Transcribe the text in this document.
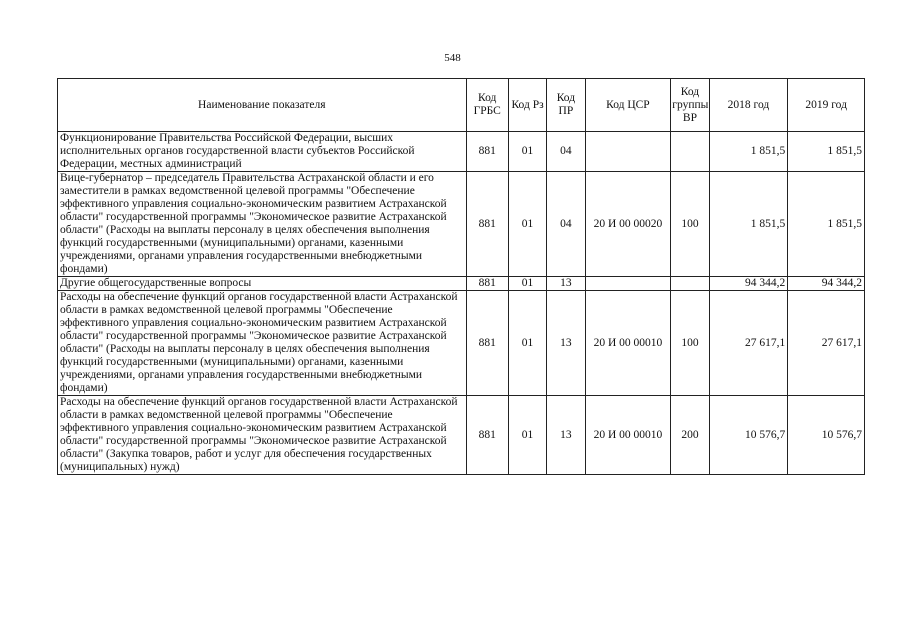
548
Наименование показателя	Код ГРБС	Код Рз	Код ПР	Код ЦСР	Код группы ВР	2018 год	2019 год
Функционирование Правительства Российской Федерации, высших исполнительных органов государственной власти субъектов Российской Федерации, местных администраций	881	01	04			1 851,5	1 851,5
Вице-губернатор – председатель Правительства Астраханской области и его заместители в рамках ведомственной целевой программы "Обеспечение эффективного управления социально-экономическим развитием Астраханской области" государственной программы "Экономическое развитие Астраханской области" (Расходы на выплаты персоналу в целях обеспечения выполнения функций государственными (муниципальными) органами, казенными учреждениями, органами управления государственными внебюджетными фондами)	881	01	04	20 И 00 00020	100	1 851,5	1 851,5
Другие общегосударственные вопросы	881	01	13			94 344,2	94 344,2
Расходы на обеспечение функций органов государственной власти Астраханской области в рамках ведомственной целевой программы "Обеспечение эффективного управления социально-экономическим развитием Астраханской области" государственной программы "Экономическое развитие Астраханской области" (Расходы на выплаты персоналу в целях обеспечения выполнения функций государственными (муниципальными) органами, казенными учреждениями, органами управления государственными внебюджетными фондами)	881	01	13	20 И 00 00010	100	27 617,1	27 617,1
Расходы на обеспечение функций органов государственной власти Астраханской области в рамках ведомственной целевой программы "Обеспечение эффективного управления социально-экономическим развитием Астраханской области" государственной программы "Экономическое развитие Астраханской области" (Закупка товаров, работ и услуг для обеспечения государственных (муниципальных) нужд)	881	01	13	20 И 00 00010	200	10 576,7	10 576,7
